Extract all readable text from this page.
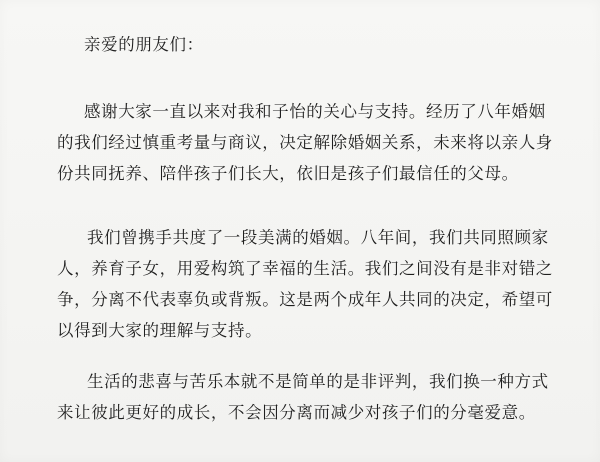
亲爱的朋友们：
感谢大家一直以来对我和子怡的关心与支持。经历了八年婚姻
的我们经过慎重考量与商议，决定解除婚姻关系，未来将以亲人身
份共同抚养、陪伴孩子们长大，依旧是孩子们最信任的父母。
我们曾携手共度了一段美满的婚姻。八年间，我们共同照顾家
人，养育子女，用爱构筑了幸福的生活。我们之间没有是非对错之
争，分离不代表辜负或背叛。这是两个成年人共同的决定，希望可
以得到大家的理解与支持。
生活的悲喜与苦乐本就不是简单的是非评判，我们换一种方式
来让彼此更好的成长，不会因分离而减少对孩子们的分毫爱意。
